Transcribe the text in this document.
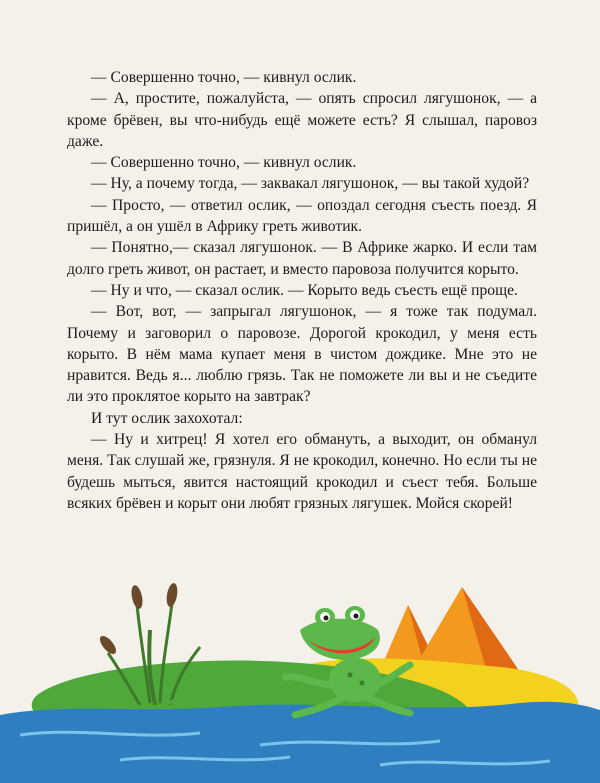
— Совершенно точно, — кивнул ослик.

— А, простите, пожалуйста, — опять спросил лягушонок, — а кроме брёвен, вы что-нибудь ещё можете есть? Я слышал, паровоз даже.

— Совершенно точно, — кивнул ослик.

— Ну, а почему тогда, — заквакал лягушонок, — вы такой худой?

— Просто, — ответил ослик, — опоздал сегодня съесть поезд. Я пришёл, а он ушёл в Африку греть животик.

— Понятно,— сказал лягушонок. — В Африке жарко. И если там долго греть живот, он растает, и вместо паровоза получится корыто.

— Ну и что, — сказал ослик. — Корыто ведь съесть ещё проще.

— Вот, вот, — запрыгал лягушонок, — я тоже так подумал. Почему и заговорил о паровозе. Дорогой крокодил, у меня есть корыто. В нём мама купает меня в чистом дождике. Мне это не нравится. Ведь я... люблю грязь. Так не поможете ли вы и не съедите ли это проклятое корыто на завтрак?

И тут ослик захохотал:

— Ну и хитрец! Я хотел его обмануть, а выходит, он обманул меня. Так слушай же, грязнуля. Я не крокодил, конечно. Но если ты не будешь мыться, явится настоящий крокодил и съест тебя. Больше всяких брёвен и корыт они любят грязных лягушек. Мойся скорей!
